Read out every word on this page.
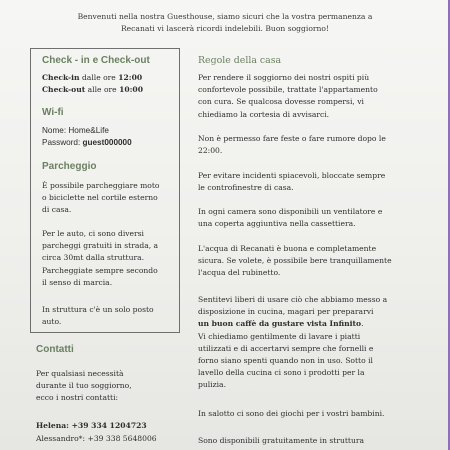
Benvenuti nella nostra Guesthouse, siamo sicuri che la vostra permanenza a
Recanati vi lascerà ricordi indelebili. Buon soggiorno!
Check - in e Check-out
Check-in dalle ore 12:00
Check-out alle ore 10:00
Wi-fi
Nome: Home&Life
Password: guest000000
Parcheggio
È possibile parcheggiare moto
o biciclette nel cortile esterno
di casa.
Per le auto, ci sono diversi
parcheggi gratuiti in strada, a
circa 30mt dalla struttura.
Parcheggiate sempre secondo
il senso di marcia.
In struttura c'è un solo posto
auto.
Contatti
Per qualsiasi necessità
durante il tuo soggiorno,
ecco i nostri contatti:
Helena: +39 334 1204723
Alessandro*: +39 338 5648006
Regole della casa
Per rendere il soggiorno dei nostri ospiti più
confortevole possibile, trattate l'appartamento
con cura. Se qualcosa dovesse rompersi, vi
chiediamo la cortesia di avvisarci.
Non è permesso fare feste o fare rumore dopo le
22:00.
Per evitare incidenti spiacevoli, bloccate sempre
le controfinestre di casa.
In ogni camera sono disponibili un ventilatore e
una coperta aggiuntiva nella cassettiera.
L'acqua di Recanati è buona e completamente
sicura. Se volete, è possibile bere tranquillamente
l'acqua del rubinetto.
Sentitevi liberi di usare ciò che abbiamo messo a
disposizione in cucina, magari per prepararvi
un buon caffè da gustare vista Infinito.
Vi chiediamo gentilmente di lavare i piatti
utilizzati e di accertarvi sempre che fornelli e
forno siano spenti quando non in uso. Sotto il
lavello della cucina ci sono i prodotti per la
pulizia.
In salotto ci sono dei giochi per i vostri bambini.
Sono disponibili gratuitamente in struttura
